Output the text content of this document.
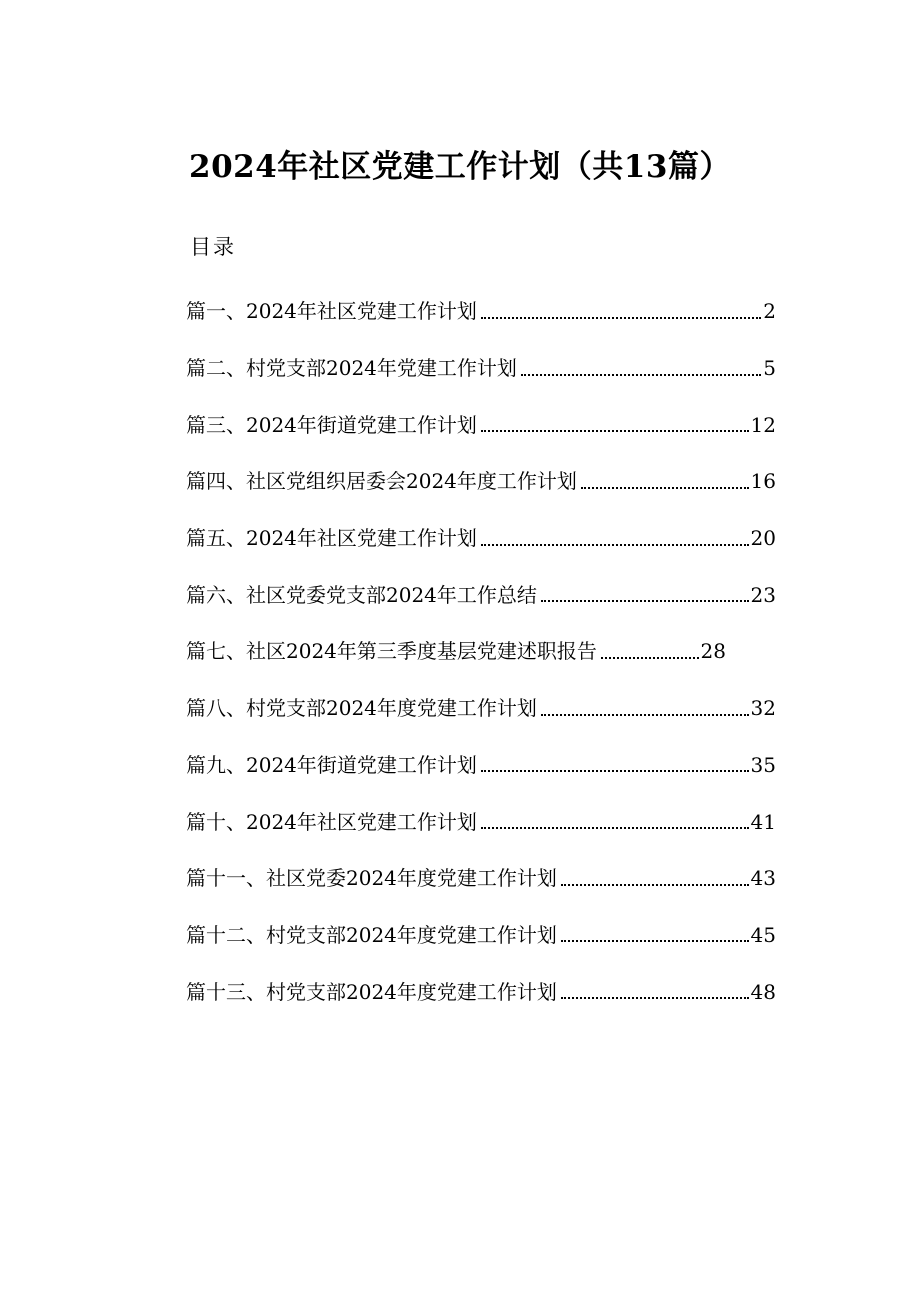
2024年社区党建工作计划（共13篇）
目录
篇一、2024年社区党建工作计划	2
篇二、村党支部2024年党建工作计划	5
篇三、2024年街道党建工作计划	12
篇四、社区党组织居委会2024年度工作计划	16
篇五、2024年社区党建工作计划	20
篇六、社区党委党支部2024年工作总结	23
篇七、社区2024年第三季度基层党建述职报告	28
篇八、村党支部2024年度党建工作计划	32
篇九、2024年街道党建工作计划	35
篇十、2024年社区党建工作计划	41
篇十一、社区党委2024年度党建工作计划	43
篇十二、村党支部2024年度党建工作计划	45
篇十三、村党支部2024年度党建工作计划	48
